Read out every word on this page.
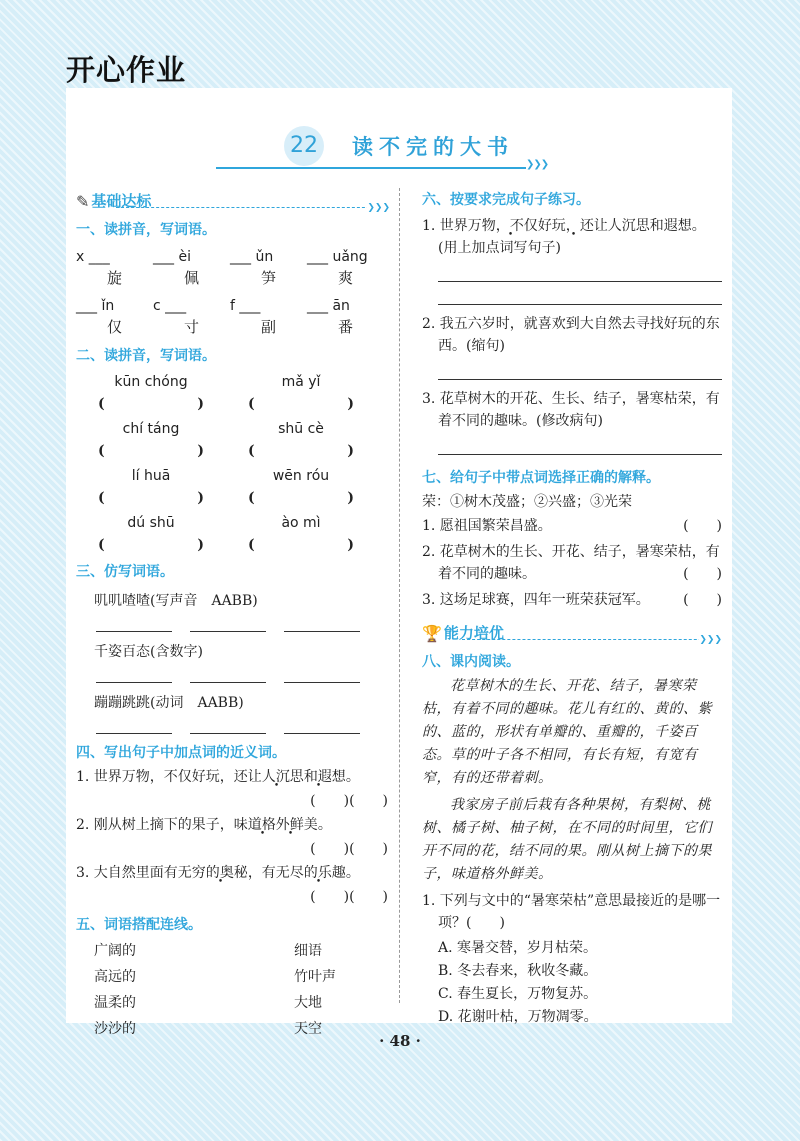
开心作业
22 读不完的大书
❯❯❯
✎ 基础达标	❯❯❯
一、读拼音，写词语。
x ___	___ èi	___ ǔn	___ uǎng
旋	佩	笋	爽
___ ǐn	c ___	f ___	___ ān
仅	寸	副	番
二、读拼音，写词语。
kūn chóng	mǎ yǐ
(	)	(	)
chí táng	shū cè
(	)	(	)
lí huā	wēn róu
(	)	(	)
dú shū	ào mì
(	)	(	)
三、仿写词语。
叽叽喳喳(写声音　AABB)
千姿百态(含数字)
蹦蹦跳跳(动词　AABB)
四、写出句子中加点词的近义词。
1. 世界万物，不仅好玩，还让人沉思和遐想。
(　　)(　　)
2. 刚从树上摘下的果子，味道格外鲜美。
(　　)(　　)
3. 大自然里面有无穷的奥秘，有无尽的乐趣。
(　　)(　　)
五、词语搭配连线。
广阔的	细语
高远的	竹叶声
温柔的	大地
沙沙的	天空
六、按要求完成句子练习。
1. 世界万物，不仅好玩，还让人沉思和遐想。(用上加点词写句子)
2. 我五六岁时，就喜欢到大自然去寻找好玩的东西。(缩句)
3. 花草树木的开花、生长、结子，暑寒枯荣，有着不同的趣味。(修改病句)
七、给句子中带点词选择正确的解释。
荣：①树木茂盛；②兴盛；③光荣
1. 愿祖国繁荣昌盛。	(　　)
2. 花草树木的生长、开花、结子，暑寒荣枯，有着不同的趣味。	(　　)
3. 这场足球赛，四年一班荣获冠军。 (　　)
🏆 能力培优	❯❯❯
八、课内阅读。
花草树木的生长、开花、结子，暑寒荣枯，有着不同的趣味。花儿有红的、黄的、紫的、蓝的，形状有单瓣的、重瓣的，千姿百态。草的叶子各不相同，有长有短，有宽有窄，有的还带着刺。
我家房子前后栽有各种果树，有梨树、桃树、橘子树、柚子树，在不同的时间里，它们开不同的花，结不同的果。刚从树上摘下的果子，味道格外鲜美。
1. 下列与文中的“暑寒荣枯”意思最接近的是哪一项？(　　)
A. 寒暑交替，岁月枯荣。
B. 冬去春来，秋收冬藏。
C. 春生夏长，万物复苏。
D. 花谢叶枯，万物凋零。
· 48 ·
